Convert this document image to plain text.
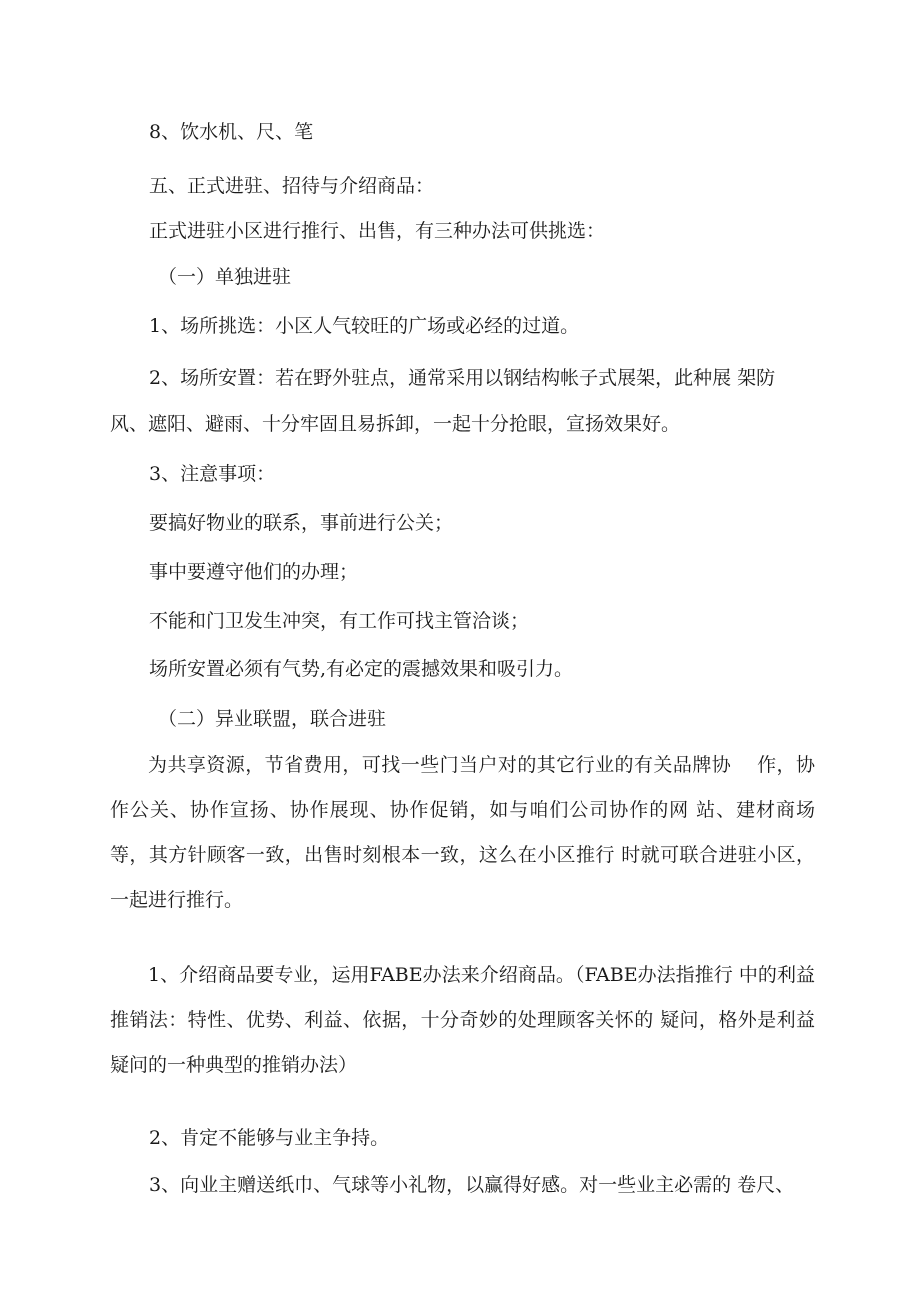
8、饮水机、尺、笔
五、正式进驻、招待与介绍商品：
正式进驻小区进行推行、出售，有三种办法可供挑选：
（一）单独进驻
1、场所挑选：小区人气较旺的广场或必经的过道。
2、场所安置：若在野外驻点，通常采用以钢结构帐子式展架，此种展 架防
风、遮阳、避雨、十分牢固且易拆卸，一起十分抢眼，宣扬效果好。
3、注意事项：
要搞好物业的联系，事前进行公关；
事中要遵守他们的办理；
不能和门卫发生冲突，有工作可找主管洽谈；
场所安置必须有气势,有必定的震撼效果和吸引力。
（二）异业联盟，联合进驻

为共享资源，节省费用，可找一些门当户对的其它行业的有关品牌协　 作，协作公关、协作宣扬、协作展现、协作促销，如与咱们公司协作的网 站、建材商场等，其方针顾客一致，出售时刻根本一致，这么在小区推行 时就可联合进驻小区，一起进行推行。

1、介绍商品要专业，运用FABE办法来介绍商品。（FABE办法指推行 中的利益推销法：特性、优势、利益、依据，十分奇妙的处理顾客关怀的 疑问，格外是利益疑问的一种典型的推销办法）

2、肯定不能够与业主争持。
3、向业主赠送纸巾、气球等小礼物，以赢得好感。对一些业主必需的 卷尺、
